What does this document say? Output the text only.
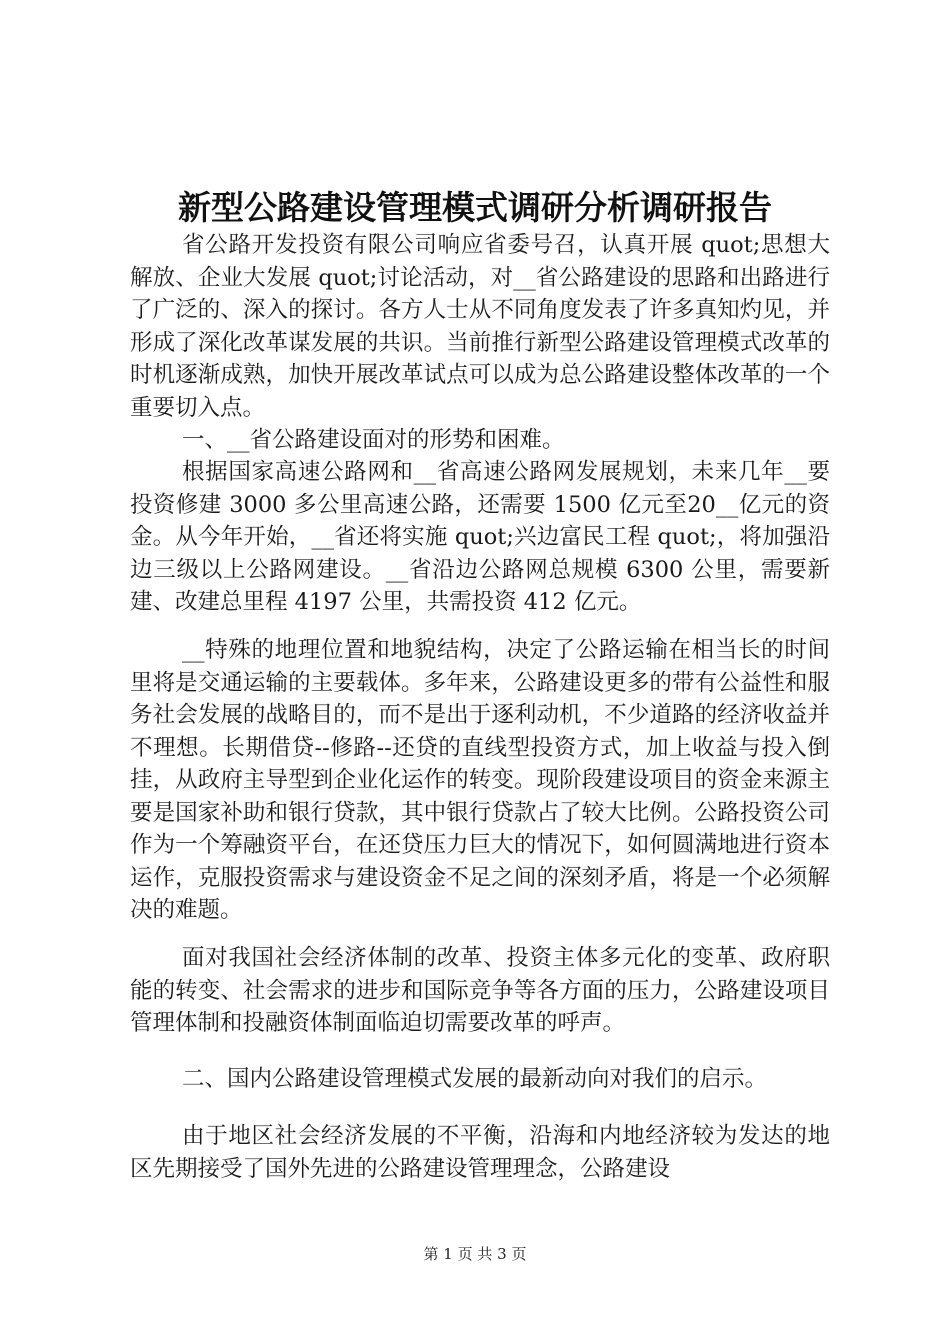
新型公路建设管理模式调研分析调研报告

省公路开发投资有限公司响应省委号召，认真开展 quot;思想大解放、企业大发展 quot;讨论活动，对__省公路建设的思路和出路进行了广泛的、深入的探讨。各方人士从不同角度发表了许多真知灼见，并形成了深化改革谋发展的共识。当前推行新型公路建设管理模式改革的时机逐渐成熟，加快开展改革试点可以成为总公路建设整体改革的一个重要切入点。

一、__省公路建设面对的形势和困难。

根据国家高速公路网和__省高速公路网发展规划，未来几年__要投资修建 3000 多公里高速公路，还需要 1500 亿元至20__亿元的资金。从今年开始，__省还将实施 quot;兴边富民工程 quot;，将加强沿边三级以上公路网建设。__省沿边公路网总规模 6300 公里，需要新建、改建总里程 4197 公里，共需投资 412 亿元。

__特殊的地理位置和地貌结构，决定了公路运输在相当长的时间里将是交通运输的主要载体。多年来，公路建设更多的带有公益性和服务社会发展的战略目的，而不是出于逐利动机，不少道路的经济收益并不理想。长期借贷--修路--还贷的直线型投资方式，加上收益与投入倒挂，从政府主导型到企业化运作的转变。现阶段建设项目的资金来源主要是国家补助和银行贷款，其中银行贷款占了较大比例。公路投资公司作为一个筹融资平台，在还贷压力巨大的情况下，如何圆满地进行资本运作，克服投资需求与建设资金不足之间的深刻矛盾，将是一个必须解决的难题。

面对我国社会经济体制的改革、投资主体多元化的变革、政府职能的转变、社会需求的进步和国际竞争等各方面的压力，公路建设项目管理体制和投融资体制面临迫切需要改革的呼声。

二、国内公路建设管理模式发展的最新动向对我们的启示。

由于地区社会经济发展的不平衡，沿海和内地经济较为发达的地区先期接受了国外先进的公路建设管理理念，公路建设

第 1 页 共 3 页
